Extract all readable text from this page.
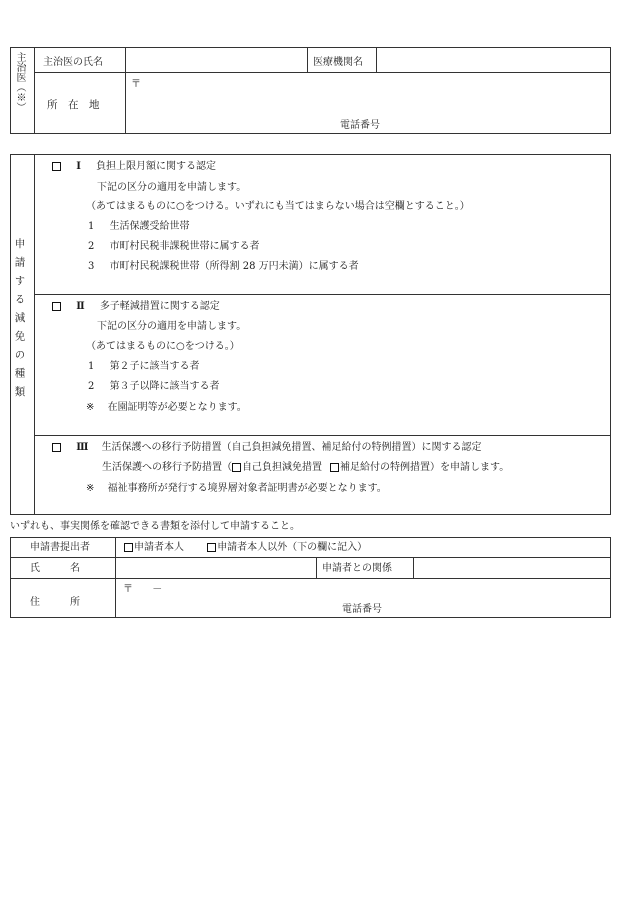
主治医（※） 主治医の氏名	医療機関名
所　在　地
〒
電話番号
申請する減免の種類
Ⅰ 負担上限月額に関する認定
下記の区分の適用を申請します。
（あてはまるものに○をつける。いずれにも当てはまらない場合は空欄とすること。）
1 生活保護受給世帯
2 市町村民税非課税世帯に属する者
3 市町村民税課税世帯（所得割 28 万円未満）に属する者
Ⅱ 多子軽減措置に関する認定
下記の区分の適用を申請します。
（あてはまるものに○をつける。）
1 第２子に該当する者
2 第３子以降に該当する者
※ 在園証明等が必要となります。
Ⅲ 生活保護への移行予防措置（自己負担減免措置、補足給付の特例措置）に関する認定
生活保護への移行予防措置（ 自己負担減免措置 補足給付の特例措置）を申請します。
※ 福祉事務所が発行する境界層対象者証明書が必要となります。
いずれも、事実関係を確認できる書類を添付して申請すること。
申請書提出者	申請者本人	申請者本人以外（下の欄に記入）
氏　　　名	申請者との関係
住　　　所
〒 －
電話番号
